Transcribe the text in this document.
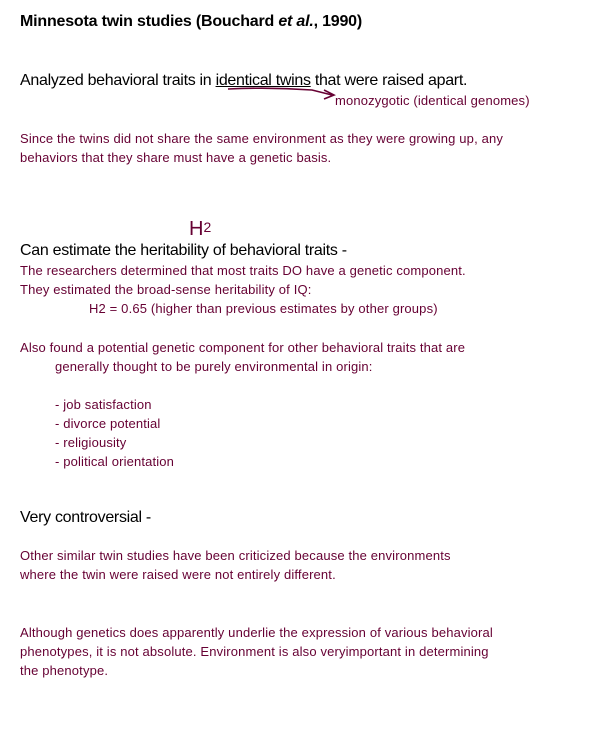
Minnesota twin studies (Bouchard et al., 1990)
Analyzed behavioral traits in identical twins that were raised apart.
monozygotic (identical genomes)
Since the twins did not share the same environment as they were growing up, any
behaviors that they share must have a genetic basis.
$H^2$
Can estimate the heritability of behavioral traits -
The researchers determined that most traits DO have a genetic component.
They estimated the broad-sense heritability of IQ:
H2 = 0.65 (higher than previous estimates by other groups)
Also found a potential genetic component for other behavioral traits that are
generally thought to be purely environmental in origin:
- job satisfaction
- divorce potential
- religiousity
- political orientation
Very controversial -
Other similar twin studies have been criticized because the environments
where the twin were raised were not entirely different.
Although genetics does apparently underlie the expression of various behavioral
phenotypes, it is not absolute. Environment is also veryimportant in determining
the phenotype.
